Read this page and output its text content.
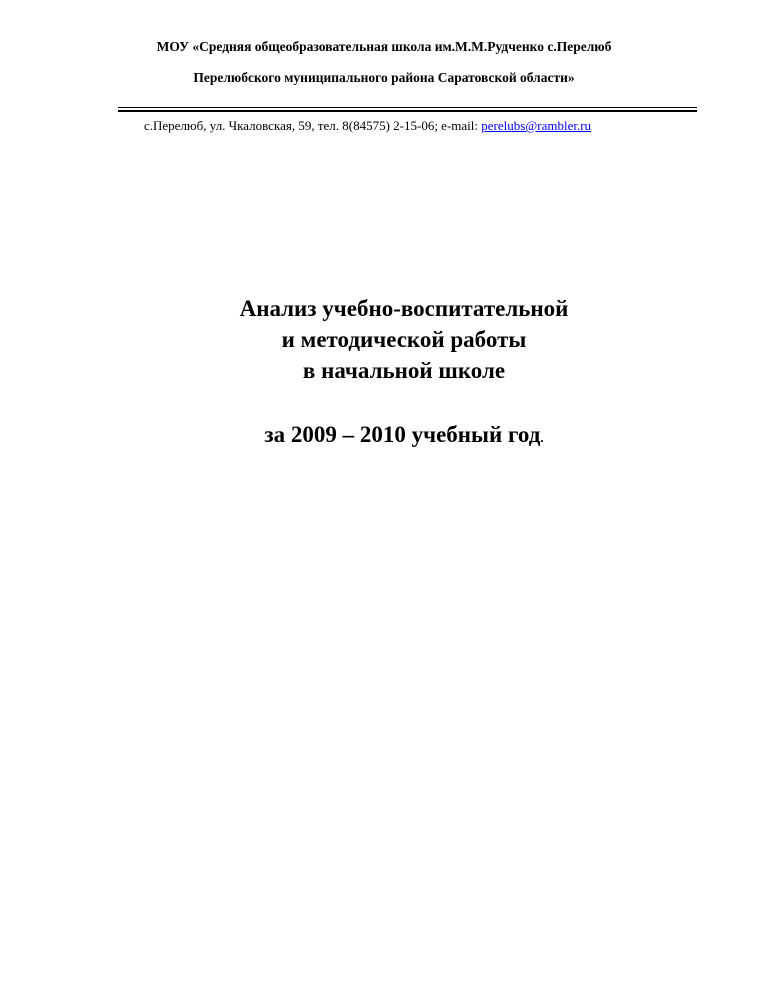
МОУ «Средняя общеобразовательная школа им.М.М.Рудченко с.Перелюб
Перелюбского муниципального района Саратовской области»
с.Перелюб, ул. Чкаловская, 59, тел. 8(84575) 2-15-06; e-mail: perelubs@rambler.ru
Анализ учебно-воспитательной
и методической работы
в начальной школе
за 2009 – 2010 учебный год.
